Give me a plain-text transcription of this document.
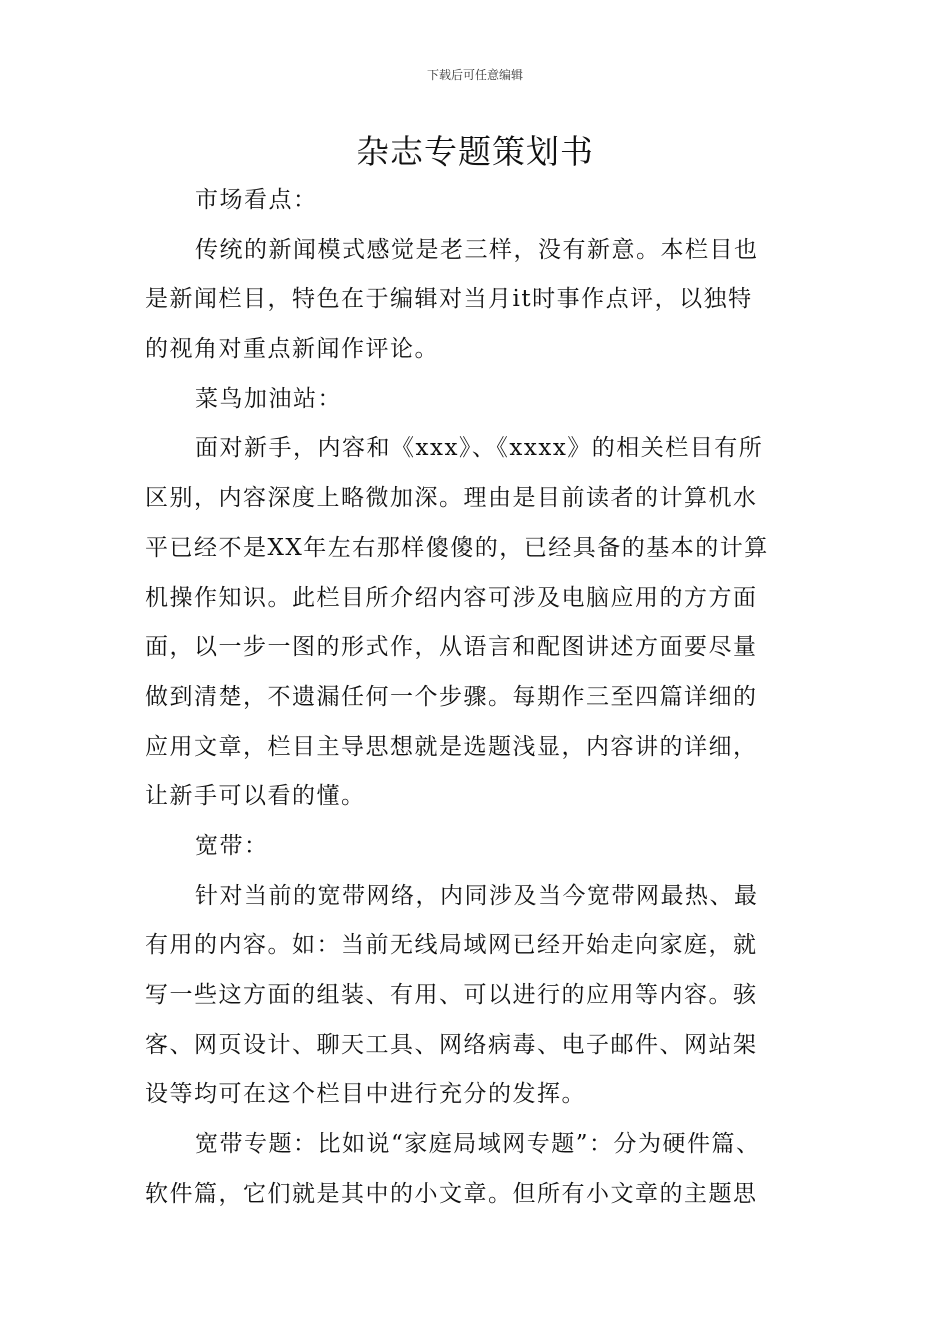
下载后可任意编辑
杂志专题策划书
市场看点：
传统的新闻模式感觉是老三样，没有新意。本栏目也
是新闻栏目，特色在于编辑对当月it时事作点评，以独特
的视角对重点新闻作评论。
菜鸟加油站：
面对新手，内容和《xxx》、《xxxx》的相关栏目有所
区别，内容深度上略微加深。理由是目前读者的计算机水
平已经不是XX年左右那样傻傻的，已经具备的基本的计算
机操作知识。此栏目所介绍内容可涉及电脑应用的方方面
面，以一步一图的形式作，从语言和配图讲述方面要尽量
做到清楚，不遗漏任何一个步骤。每期作三至四篇详细的
应用文章，栏目主导思想就是选题浅显，内容讲的详细，
让新手可以看的懂。
宽带：
针对当前的宽带网络，内同涉及当今宽带网最热、最
有用的内容。如：当前无线局域网已经开始走向家庭，就
写一些这方面的组装、有用、可以进行的应用等内容。骇
客、网页设计、聊天工具、网络病毒、电子邮件、网站架
设等均可在这个栏目中进行充分的发挥。
宽带专题：比如说“家庭局域网专题”：分为硬件篇、
软件篇，它们就是其中的小文章。但所有小文章的主题思
